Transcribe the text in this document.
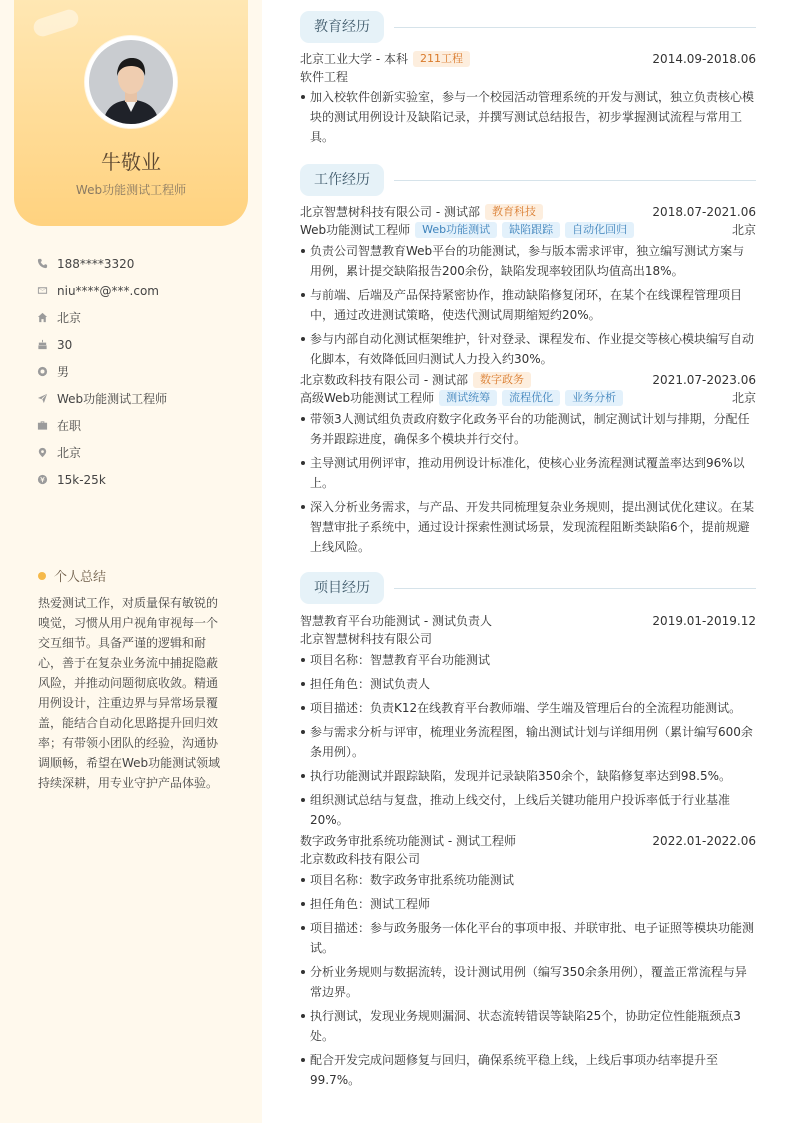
牛敬业
Web功能测试工程师
188****3320
niu****@***.com
北京
30
男
Web功能测试工程师
在职
北京
15k-25k
个人总结
热爱测试工作，对质量保有敏锐的嗅觉，习惯从用户视角审视每一个交互细节。具备严谨的逻辑和耐心，善于在复杂业务流中捕捉隐蔽风险，并推动问题彻底收敛。精通用例设计，注重边界与异常场景覆盖，能结合自动化思路提升回归效率；有带领小团队的经验，沟通协调顺畅，希望在Web功能测试领域持续深耕，用专业守护产品体验。
教育经历
北京工业大学 - 本科	211工程	2014.09-2018.06
软件工程
加入校软件创新实验室，参与一个校园活动管理系统的开发与测试，独立负责核心模块的测试用例设计及缺陷记录，并撰写测试总结报告，初步掌握测试流程与常用工具。
工作经历
北京智慧树科技有限公司 - 测试部	教育科技	2018.07-2021.06
Web功能测试工程师	Web功能测试	缺陷跟踪	自动化回归	北京
负责公司智慧教育Web平台的功能测试，参与版本需求评审，独立编写测试方案与用例，累计提交缺陷报告200余份，缺陷发现率较团队均值高出18%。
与前端、后端及产品保持紧密协作，推动缺陷修复闭环，在某个在线课程管理项目中，通过改进测试策略，使迭代测试周期缩短约20%。
参与内部自动化测试框架维护，针对登录、课程发布、作业提交等核心模块编写自动化脚本，有效降低回归测试人力投入约30%。
北京数政科技有限公司 - 测试部	数字政务	2021.07-2023.06
高级Web功能测试工程师	测试统筹	流程优化	业务分析	北京
带领3人测试组负责政府数字化政务平台的功能测试，制定测试计划与排期，分配任务并跟踪进度，确保多个模块并行交付。
主导测试用例评审，推动用例设计标准化，使核心业务流程测试覆盖率达到96%以上。
深入分析业务需求，与产品、开发共同梳理复杂业务规则，提出测试优化建议。在某智慧审批子系统中，通过设计探索性测试场景，发现流程阻断类缺陷6个，提前规避上线风险。
项目经历
智慧教育平台功能测试 - 测试负责人	2019.01-2019.12
北京智慧树科技有限公司
项目名称：智慧教育平台功能测试
担任角色：测试负责人
项目描述：负责K12在线教育平台教师端、学生端及管理后台的全流程功能测试。
参与需求分析与评审，梳理业务流程图，输出测试计划与详细用例（累计编写600余条用例）。
执行功能测试并跟踪缺陷，发现并记录缺陷350余个，缺陷修复率达到98.5%。
组织测试总结与复盘，推动上线交付，上线后关键功能用户投诉率低于行业基准20%。
数字政务审批系统功能测试 - 测试工程师	2022.01-2022.06
北京数政科技有限公司
项目名称：数字政务审批系统功能测试
担任角色：测试工程师
项目描述：参与政务服务一体化平台的事项申报、并联审批、电子证照等模块功能测试。
分析业务规则与数据流转，设计测试用例（编写350余条用例），覆盖正常流程与异常边界。
执行测试，发现业务规则漏洞、状态流转错误等缺陷25个，协助定位性能瓶颈点3处。
配合开发完成问题修复与回归，确保系统平稳上线，上线后事项办结率提升至99.7%。
